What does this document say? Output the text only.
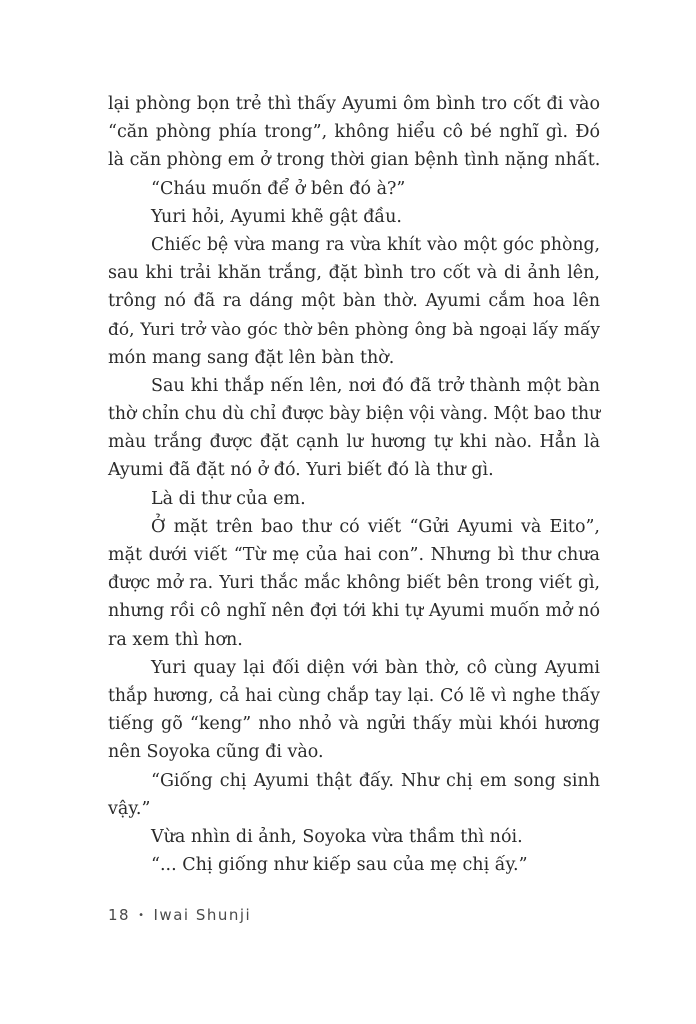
lại phòng bọn trẻ thì thấy Ayumi ôm bình tro cốt đi vào
“căn phòng phía trong”, không hiểu cô bé nghĩ gì. Đó
là căn phòng em ở trong thời gian bệnh tình nặng nhất.
“Cháu muốn để ở bên đó à?”
Yuri hỏi, Ayumi khẽ gật đầu.
Chiếc bệ vừa mang ra vừa khít vào một góc phòng,
sau khi trải khăn trắng, đặt bình tro cốt và di ảnh lên,
trông nó đã ra dáng một bàn thờ. Ayumi cắm hoa lên
đó, Yuri trở vào góc thờ bên phòng ông bà ngoại lấy mấy
món mang sang đặt lên bàn thờ.
Sau khi thắp nến lên, nơi đó đã trở thành một bàn
thờ chỉn chu dù chỉ được bày biện vội vàng. Một bao thư
màu trắng được đặt cạnh lư hương tự khi nào. Hẳn là
Ayumi đã đặt nó ở đó. Yuri biết đó là thư gì.
Là di thư của em.
Ở mặt trên bao thư có viết “Gửi Ayumi và Eito”,
mặt dưới viết “Từ mẹ của hai con”. Nhưng bì thư chưa
được mở ra. Yuri thắc mắc không biết bên trong viết gì,
nhưng rồi cô nghĩ nên đợi tới khi tự Ayumi muốn mở nó
ra xem thì hơn.
Yuri quay lại đối diện với bàn thờ, cô cùng Ayumi
thắp hương, cả hai cùng chắp tay lại. Có lẽ vì nghe thấy
tiếng gõ “keng” nho nhỏ và ngửi thấy mùi khói hương
nên Soyoka cũng đi vào.
“Giống chị Ayumi thật đấy. Như chị em song sinh
vậy.”
Vừa nhìn di ảnh, Soyoka vừa thầm thì nói.
“... Chị giống như kiếp sau của mẹ chị ấy.”
18 • Iwai Shunji
